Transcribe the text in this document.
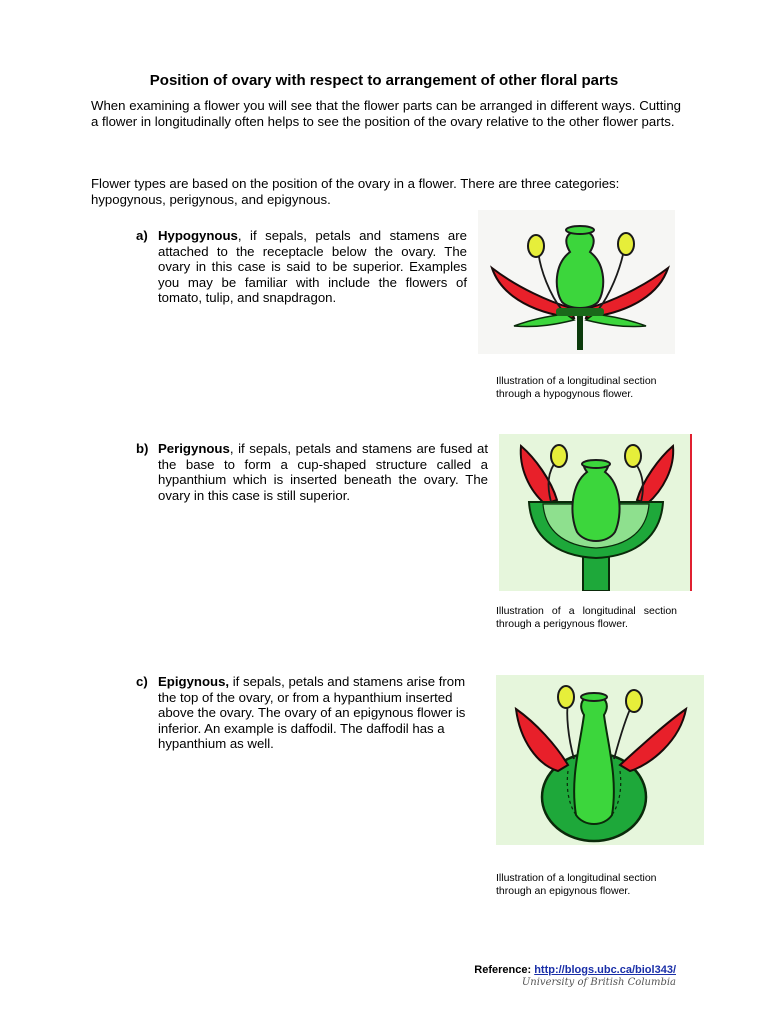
Position of ovary with respect to arrangement of other floral parts
When examining a flower you will see that the flower parts can be arranged in different ways. Cutting a flower in longitudinally often helps to see the position of the ovary relative to the other flower parts.
Flower types are based on the position of the ovary in a flower. There are three categories: hypogynous, perigynous, and epigynous.
a) Hypogynous, if sepals, petals and stamens are attached to the receptacle below the ovary. The ovary in this case is said to be superior. Examples you may be familiar with include the flowers of tomato, tulip, and snapdragon.
Illustration of a longitudinal section through a hypogynous flower.
b) Perigynous, if sepals, petals and stamens are fused at the base to form a cup-shaped structure called a hypanthium which is inserted beneath the ovary. The ovary in this case is still superior.
Illustration of a longitudinal section through a perigynous flower.
c) Epigynous, if sepals, petals and stamens arise from the top of the ovary, or from a hypanthium inserted above the ovary. The ovary of an epigynous flower is inferior. An example is daffodil. The daffodil has a hypanthium as well.
Illustration of a longitudinal section through an epigynous flower.
Reference: http://blogs.ubc.ca/biol343/
University of British Columbia
